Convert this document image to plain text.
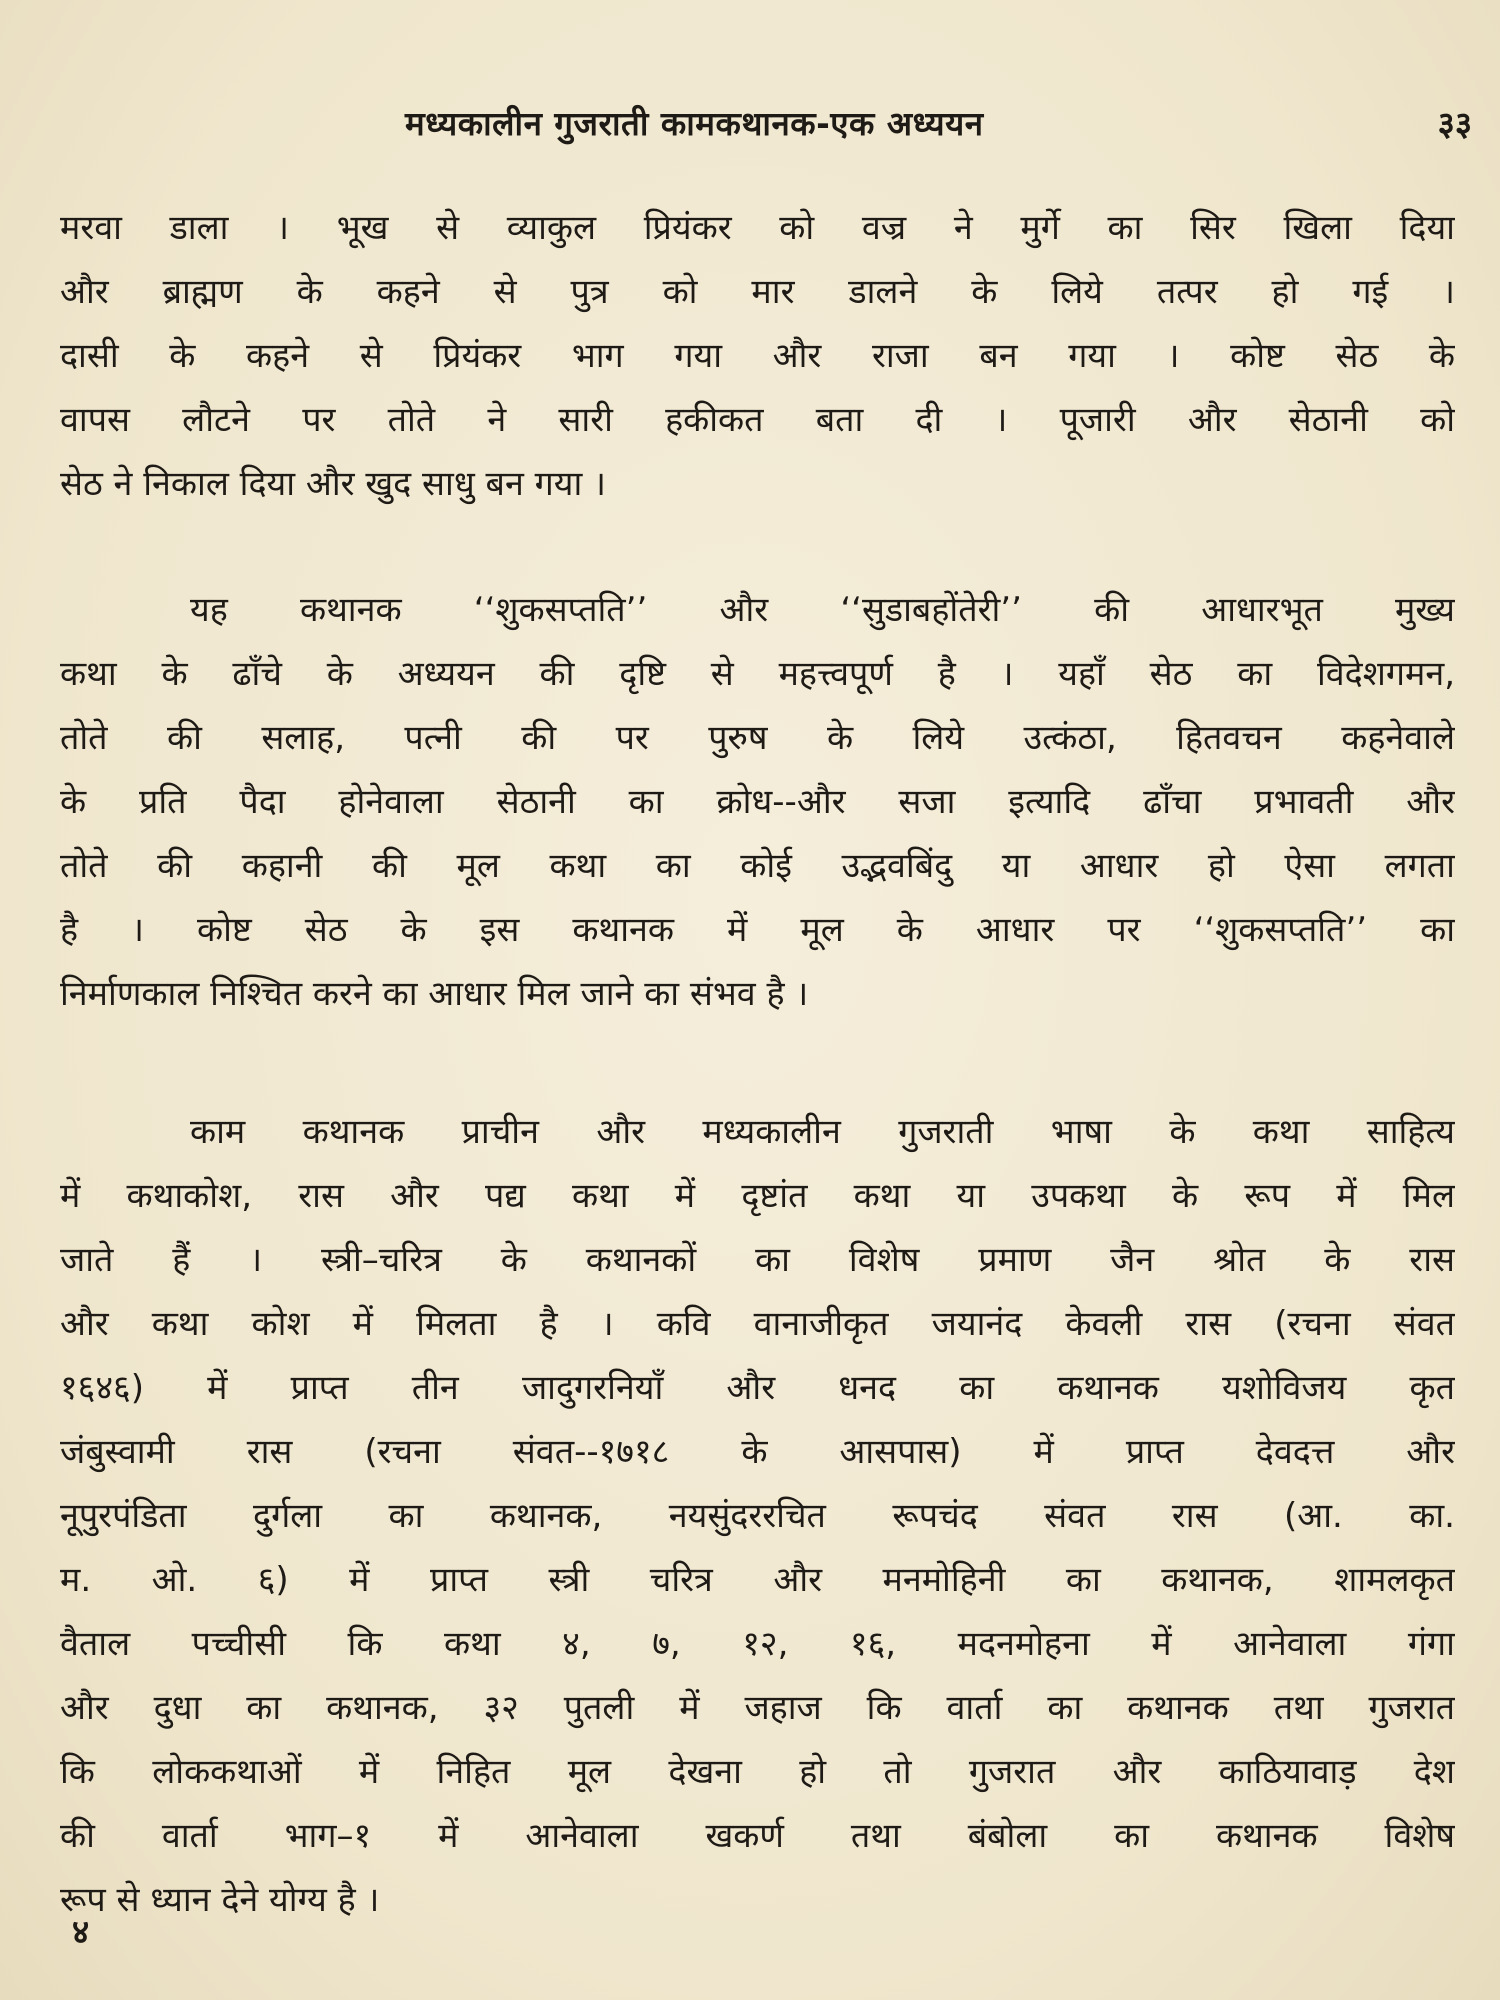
मध्यकालीन गुजराती कामकथानक-एक अध्ययन	३३
मरवा डाला । भूख से व्याकुल प्रियंकर को वज्र ने मुर्गे का सिर खिला दिया
और ब्राह्मण के कहने से पुत्र को मार डालने के लिये तत्पर हो गई ।
दासी के कहने से प्रियंकर भाग गया और राजा बन गया । कोष्ट सेठ के
वापस लौटने पर तोते ने सारी हकीकत बता दी । पूजारी और सेठानी को
सेठ ने निकाल दिया और खुद साधु बन गया ।
यह कथानक ‘‘शुकसप्तति’’ और ‘‘सुडाबहोंतेरी’’ की आधारभूत मुख्य
कथा के ढाँचे के अध्ययन की दृष्टि से महत्त्वपूर्ण है । यहाँ सेठ का विदेशगमन,
तोते की सलाह, पत्नी की पर पुरुष के लिये उत्कंठा, हितवचन कहनेवाले
के प्रति पैदा होनेवाला सेठानी का क्रोध--और सजा इत्यादि ढाँचा प्रभावती और
तोते की कहानी की मूल कथा का कोई उद्भवबिंदु या आधार हो ऐसा लगता
है । कोष्ट सेठ के इस कथानक में मूल के आधार पर ‘‘शुकसप्तति’’ का
निर्माणकाल निश्चित करने का आधार मिल जाने का संभव है ।
काम कथानक प्राचीन और मध्यकालीन गुजराती भाषा के कथा साहित्य
में कथाकोश, रास और पद्य कथा में दृष्टांत कथा या उपकथा के रूप में मिल
जाते हैं । स्त्री–चरित्र के कथानकों का विशेष प्रमाण जैन श्रोत के रास
और कथा कोश में मिलता है । कवि वानाजीकृत जयानंद केवली रास (रचना संवत
१६४६) में प्राप्त तीन जादुगरनियाँ और धनद का कथानक यशोविजय कृत
जंबुस्वामी रास (रचना संवत--१७१८ के आसपास) में प्राप्त देवदत्त और
नूपुरपंडिता दुर्गला का कथानक, नयसुंदररचित रूपचंद संवत रास (आ. का.
म. ओ. ६) में प्राप्त स्त्री चरित्र और मनमोहिनी का कथानक, शामलकृत
वैताल पच्चीसी कि कथा ४, ७, १२, १६, मदनमोहना में आनेवाला गंगा
और दुधा का कथानक, ३२ पुतली में जहाज कि वार्ता का कथानक तथा गुजरात
कि लोककथाओं में निहित मूल देखना हो तो गुजरात और काठियावाड़ देश
की वार्ता भाग–१ में आनेवाला खकर्ण तथा बंबोला का कथानक विशेष
रूप से ध्यान देने योग्य है ।
४
